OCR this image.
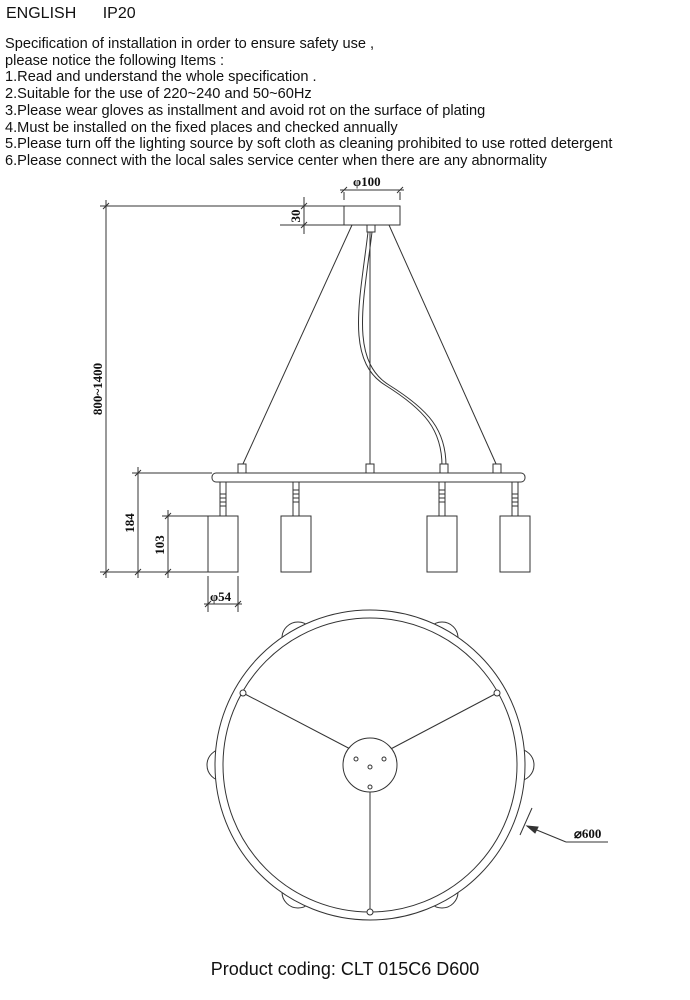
ENGLISH IP20
Specification of installation in order to ensure safety use ,
please notice the following Items :
1.Read and understand the whole specification .
2.Suitable for the use of 220~240 and 50~60Hz
3.Please wear gloves as installment and avoid rot on the surface of plating
4.Must be installed on the fixed places and checked annually
5.Please turn off the lighting source by soft cloth as cleaning prohibited to use rotted detergent
6.Please connect with the local sales service center when there are any abnormality
φ100
30
800~1400
184
103
φ54
⌀600
Product coding: CLT 015C6 D600
